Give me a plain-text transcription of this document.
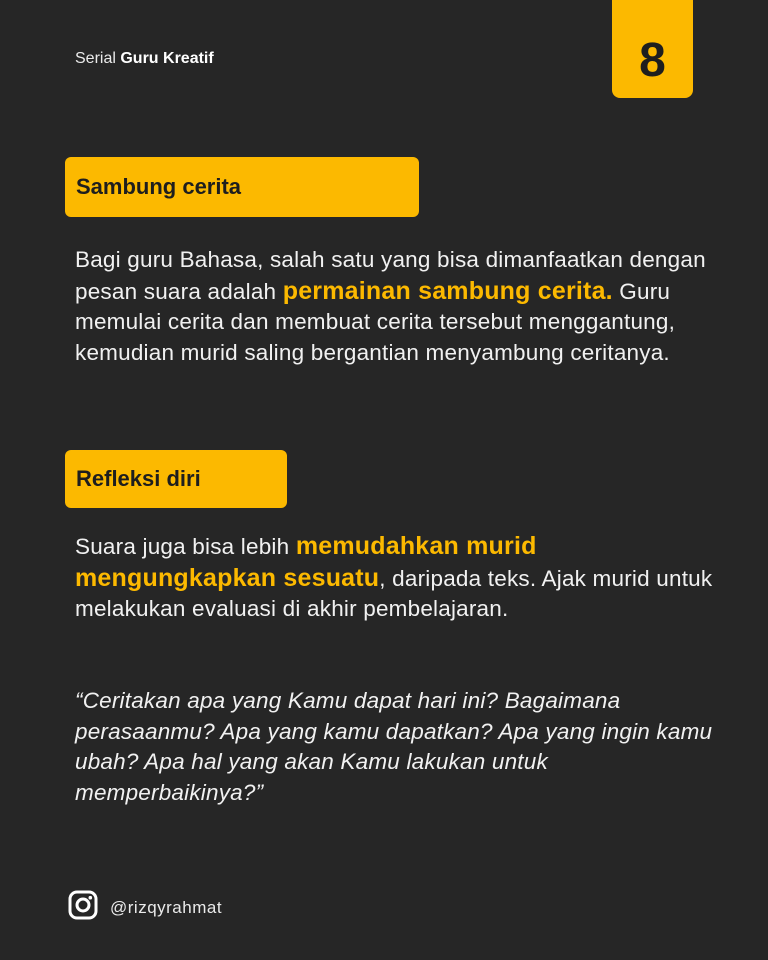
Serial Guru Kreatif	8
Sambung cerita
Bagi guru Bahasa, salah satu yang bisa dimanfaatkan dengan pesan suara adalah permainan sambung cerita. Guru memulai cerita dan membuat cerita tersebut menggantung, kemudian murid saling bergantian menyambung ceritanya.
Refleksi diri
Suara juga bisa lebih memudahkan murid mengungkapkan sesuatu, daripada teks. Ajak murid untuk melakukan evaluasi di akhir pembelajaran.
“Ceritakan apa yang Kamu dapat hari ini? Bagaimana perasaanmu? Apa yang kamu dapatkan? Apa yang ingin kamu ubah? Apa hal yang akan Kamu lakukan untuk memperbaikinya?”
@rizqyrahmat
